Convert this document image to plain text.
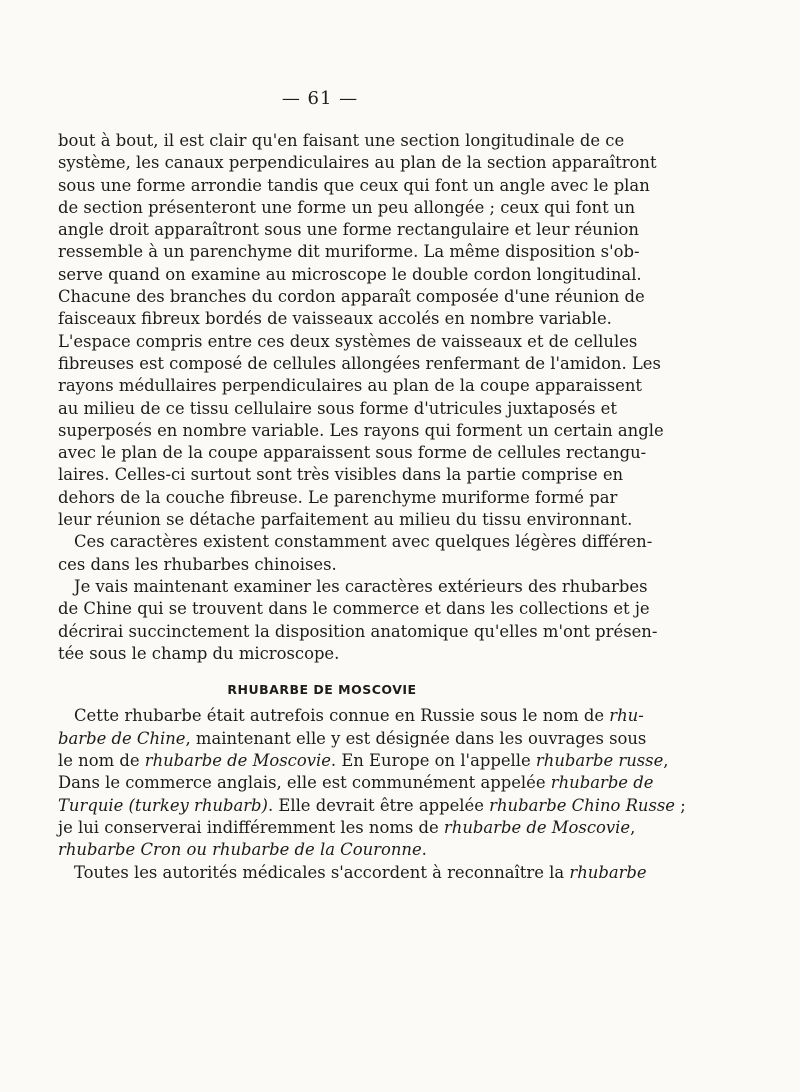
— 61 —
bout à bout, il est clair qu'en faisant une section longitudinale de ce
système, les canaux perpendiculaires au plan de la section apparaîtront
sous une forme arrondie tandis que ceux qui font un angle avec le plan
de section présenteront une forme un peu allongée ; ceux qui font un
angle droit apparaîtront sous une forme rectangulaire et leur réunion
ressemble à un parenchyme dit muriforme. La même disposition s'ob-
serve quand on examine au microscope le double cordon longitudinal.
Chacune des branches du cordon apparaît composée d'une réunion de
faisceaux fibreux bordés de vaisseaux accolés en nombre variable.
L'espace compris entre ces deux systèmes de vaisseaux et de cellules
fibreuses est composé de cellules allongées renfermant de l'amidon. Les
rayons médullaires perpendiculaires au plan de la coupe apparaissent
au milieu de ce tissu cellulaire sous forme d'utricules juxtaposés et
superposés en nombre variable. Les rayons qui forment un certain angle
avec le plan de la coupe apparaissent sous forme de cellules rectangu-
laires. Celles-ci surtout sont très visibles dans la partie comprise en
dehors de la couche fibreuse. Le parenchyme muriforme formé par
leur réunion se détache parfaitement au milieu du tissu environnant.
Ces caractères existent constamment avec quelques légères différen-
ces dans les rhubarbes chinoises.
Je vais maintenant examiner les caractères extérieurs des rhubarbes
de Chine qui se trouvent dans le commerce et dans les collections et je
décrirai succinctement la disposition anatomique qu'elles m'ont présen-
tée sous le champ du microscope.
RHUBARBE DE MOSCOVIE
Cette rhubarbe était autrefois connue en Russie sous le nom de rhu-
barbe de Chine, maintenant elle y est désignée dans les ouvrages sous
le nom de rhubarbe de Moscovie. En Europe on l'appelle rhubarbe russe,
Dans le commerce anglais, elle est communément appelée rhubarbe de
Turquie (turkey rhubarb). Elle devrait être appelée rhubarbe Chino Russe ;
je lui conserverai indifféremment les noms de rhubarbe de Moscovie,
rhubarbe Cron ou rhubarbe de la Couronne.
Toutes les autorités médicales s'accordent à reconnaître la rhubarbe
